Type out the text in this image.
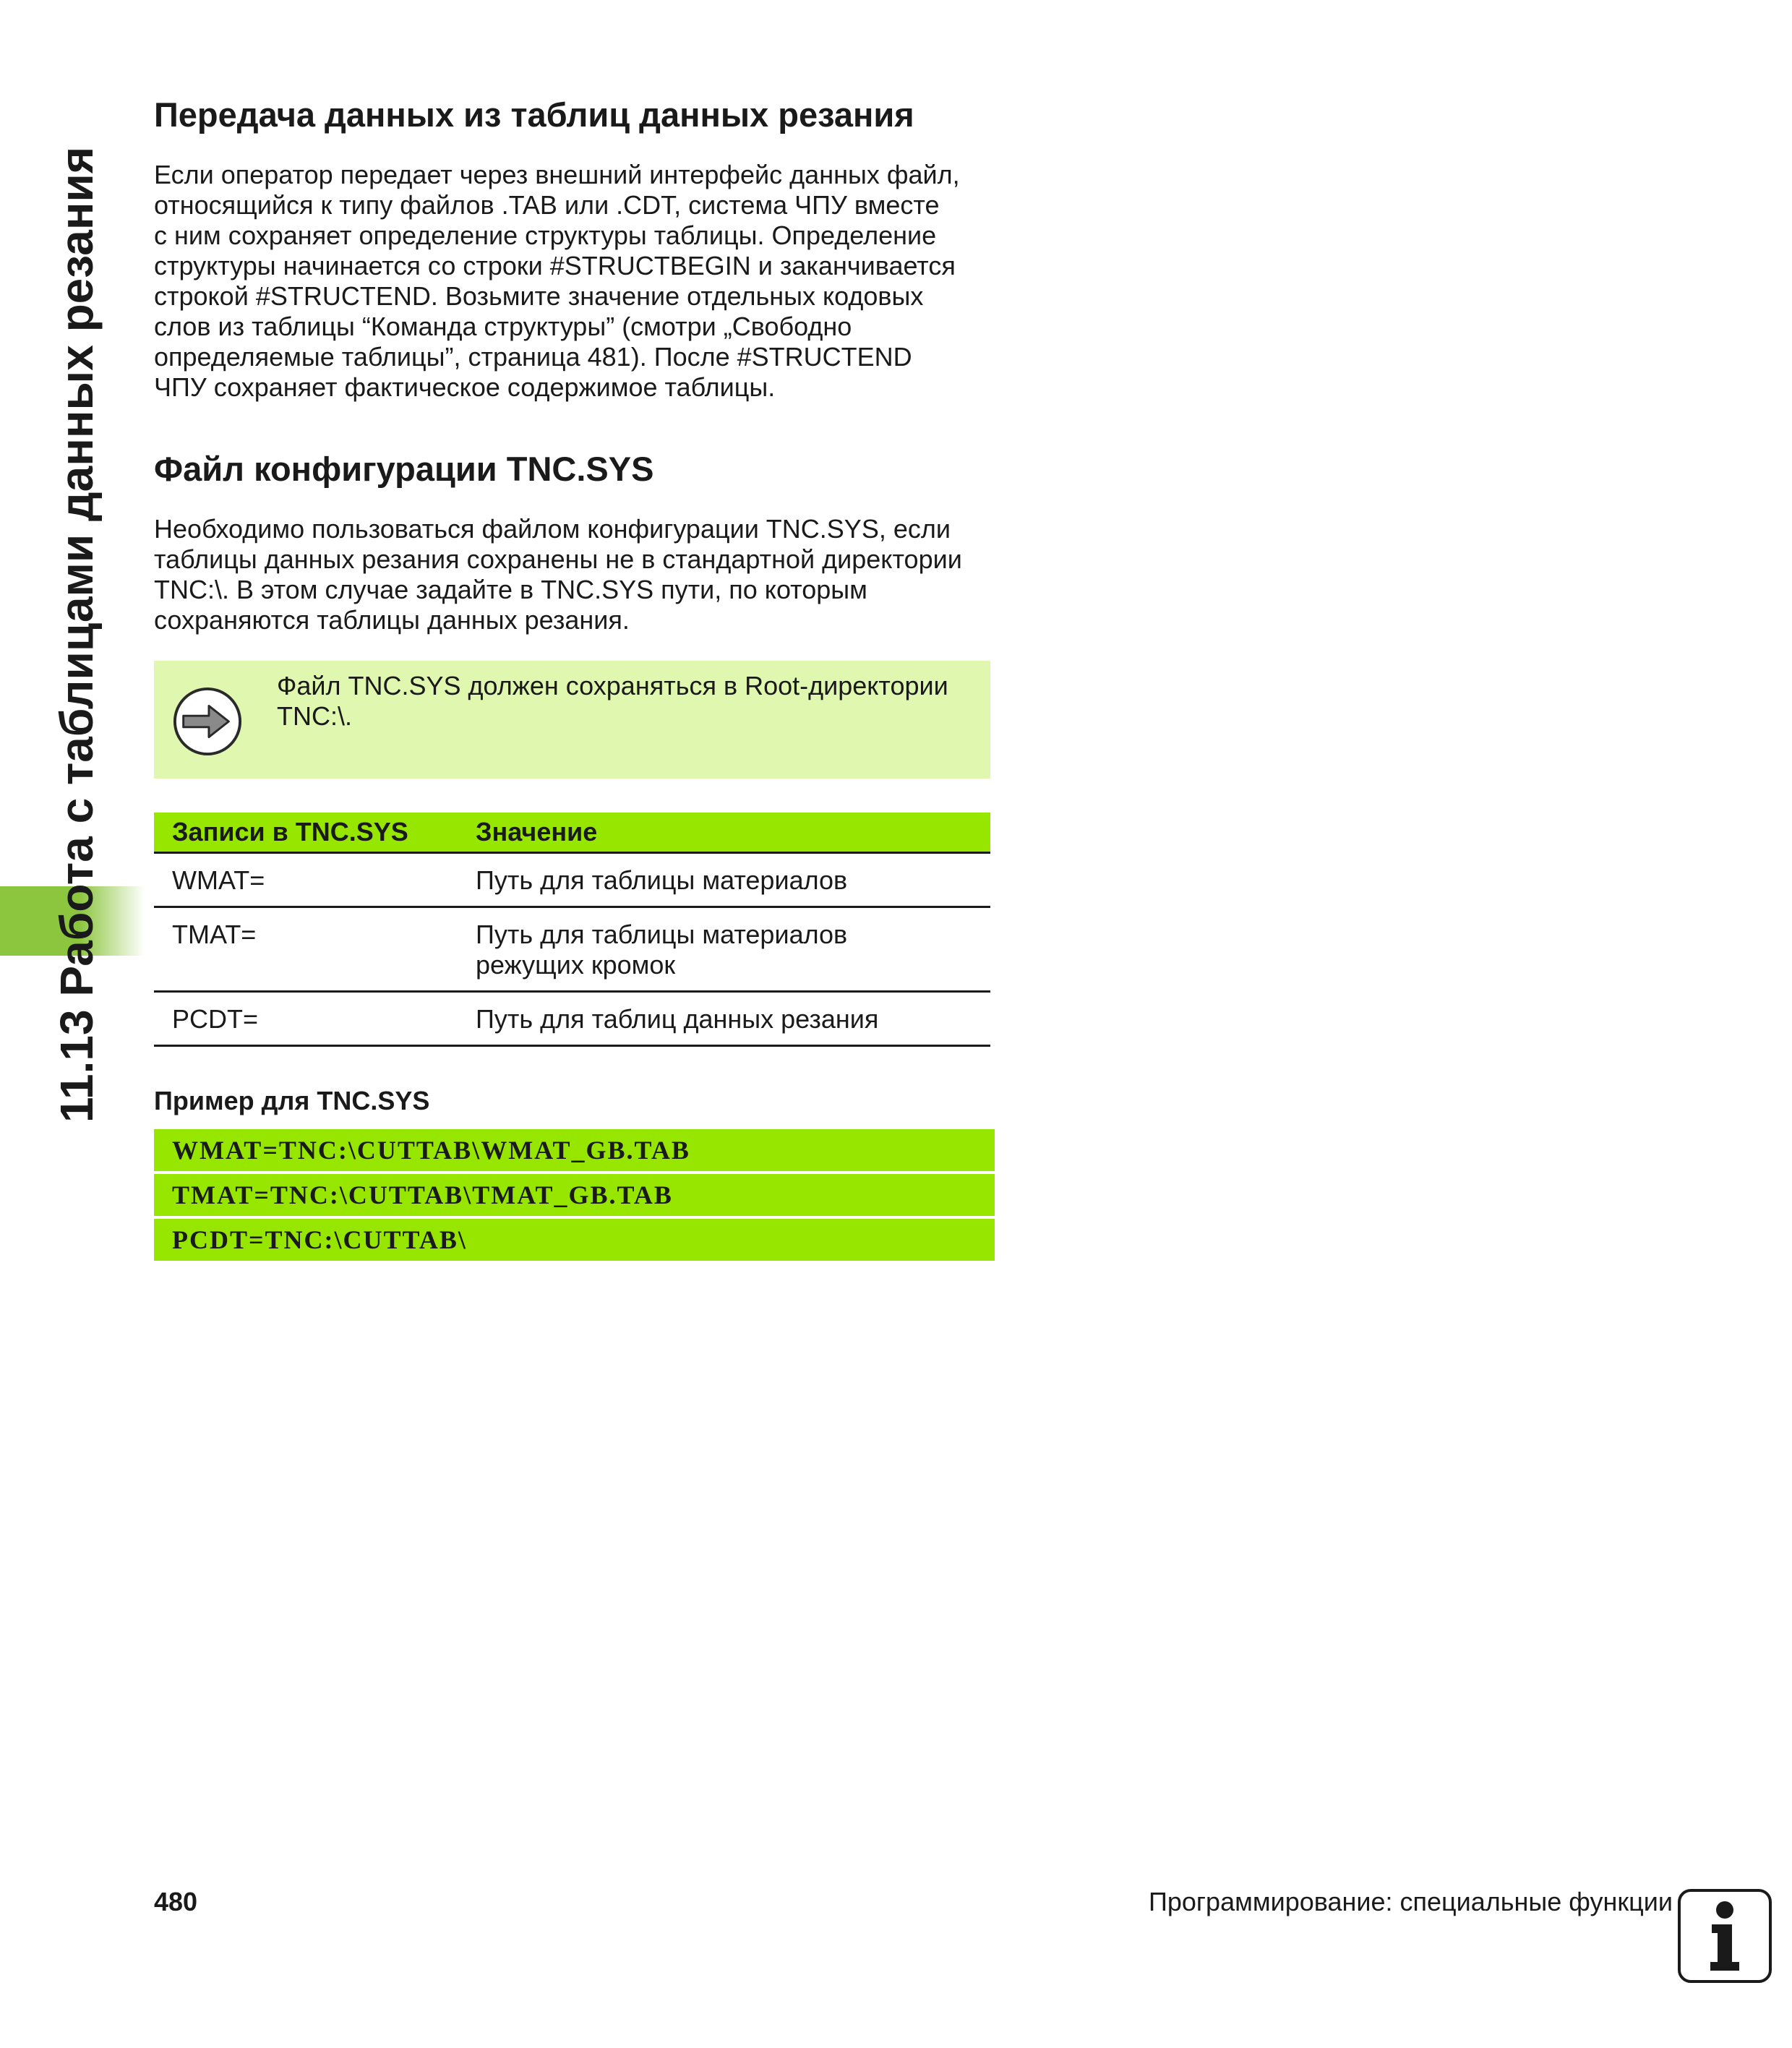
11.13 Работа с таблицами данных резания
Передача данных из таблиц данных резания

Если оператор передает через внешний интерфейс данных файл,
относящийся к типу файлов .TAB или .CDT, система ЧПУ вместе
с ним сохраняет определение структуры таблицы. Определение
структуры начинается со строки #STRUCTBEGIN и заканчивается
строкой #STRUCTEND. Возьмите значение отдельных кодовых
слов из таблицы “Команда структуры” (смотри „Свободно
определяемые таблицы”, страница 481). После #STRUCTEND
ЧПУ сохраняет фактическое содержимое таблицы.

Файл конфигурации TNC.SYS

Необходимо пользоваться файлом конфигурации TNC.SYS, если
таблицы данных резания сохранены не в стандартной директории
TNC:\. В этом случае задайте в TNC.SYS пути, по которым
сохраняются таблицы данных резания.

Файл TNC.SYS должен сохраняться в Root-директории
TNC:\.
Записи в TNC.SYS	Значение
WMAT=	Путь для таблицы материалов
TMAT=	Путь для таблицы материалов
режущих кромок
PCDT=	Путь для таблиц данных резания
Пример для TNC.SYS
WMAT=TNC:\CUTTAB\WMAT_GB.TAB
TMAT=TNC:\CUTTAB\TMAT_GB.TAB
PCDT=TNC:\CUTTAB\
480	Программирование: специальные функции
